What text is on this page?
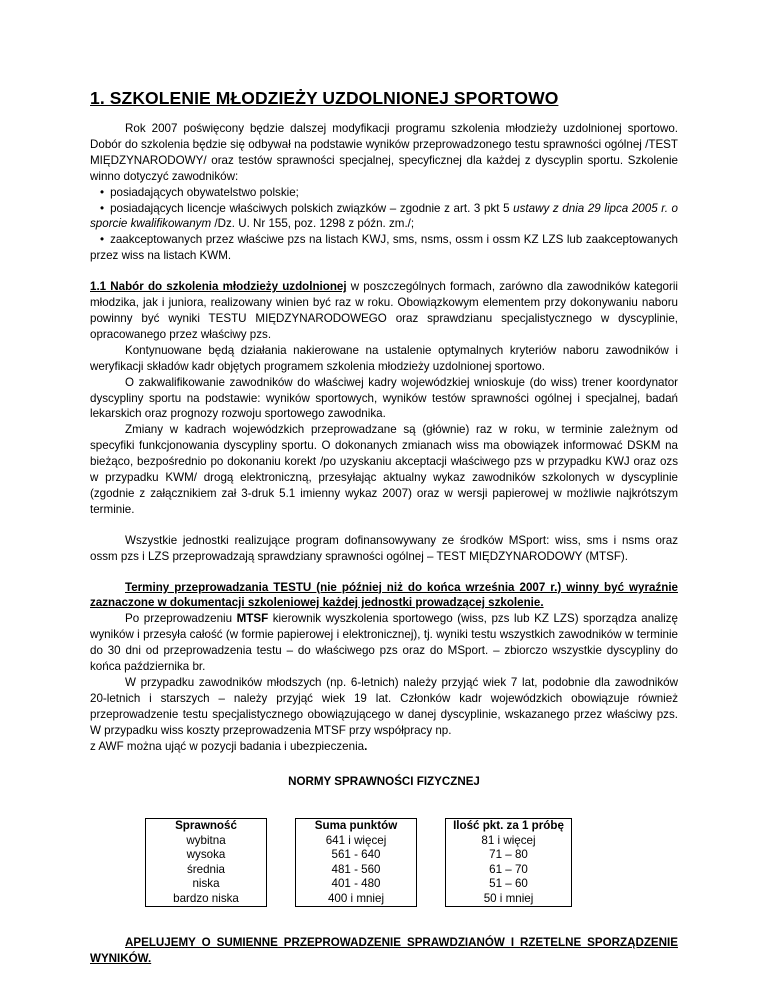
1. SZKOLENIE MŁODZIEŻY UZDOLNIONEJ SPORTOWO

Rok 2007 poświęcony będzie dalszej modyfikacji programu szkolenia młodzieży uzdolnionej sportowo. Dobór do szkolenia będzie się odbywał na podstawie wyników przeprowadzonego testu sprawności ogólnej /TEST MIĘDZYNARODOWY/ oraz testów sprawności specjalnej, specyficznej dla każdej z dyscyplin sportu. Szkolenie winno dotyczyć zawodników:

• posiadających obywatelstwo polskie;

• posiadających licencje właściwych polskich związków – zgodnie z art. 3 pkt 5 ustawy z dnia 29 lipca 2005 r. o sporcie kwalifikowanym /Dz. U. Nr 155, poz. 1298 z późn. zm./;

• zaakceptowanych przez właściwe pzs na listach KWJ, sms, nsms, ossm i ossm KZ LZS lub zaakceptowanych przez wiss na listach KWM.

1.1 Nabór do szkolenia młodzieży uzdolnionej w poszczególnych formach, zarówno dla zawodników kategorii młodzika, jak i juniora, realizowany winien być raz w roku. Obowiązkowym elementem przy dokonywaniu naboru powinny być wyniki TESTU MIĘDZYNARODOWEGO oraz sprawdzianu specjalistycznego w dyscyplinie, opracowanego przez właściwy pzs.

Kontynuowane będą działania nakierowane na ustalenie optymalnych kryteriów naboru zawodników i weryfikacji składów kadr objętych programem szkolenia młodzieży uzdolnionej sportowo.

O zakwalifikowanie zawodników do właściwej kadry wojewódzkiej wnioskuje (do wiss) trener koordynator dyscypliny sportu na podstawie: wyników sportowych, wyników testów sprawności ogólnej i specjalnej, badań lekarskich oraz prognozy rozwoju sportowego zawodnika.

Zmiany w kadrach wojewódzkich przeprowadzane są (głównie) raz w roku, w terminie zależnym od specyfiki funkcjonowania dyscypliny sportu. O dokonanych zmianach wiss ma obowiązek informować DSKM na bieżąco, bezpośrednio po dokonaniu korekt /po uzyskaniu akceptacji właściwego pzs w przypadku KWJ oraz ozs w przypadku KWM/ drogą elektroniczną, przesyłając aktualny wykaz zawodników szkolonych w dyscyplinie (zgodnie z załącznikiem zał 3-druk 5.1 imienny wykaz 2007) oraz w wersji papierowej w możliwie najkrótszym terminie.

Wszystkie jednostki realizujące program dofinansowywany ze środków MSport: wiss, sms i nsms oraz ossm pzs i LZS przeprowadzają sprawdziany sprawności ogólnej – TEST MIĘDZYNARODOWY (MTSF).

Terminy przeprowadzania TESTU (nie później niż do końca września 2007 r.) winny być wyraźnie zaznaczone w dokumentacji szkoleniowej każdej jednostki prowadzącej szkolenie.

Po przeprowadzeniu MTSF kierownik wyszkolenia sportowego (wiss, pzs lub KZ LZS) sporządza analizę wyników i przesyła całość (w formie papierowej i elektronicznej), tj. wyniki testu wszystkich zawodników w terminie do 30 dni od przeprowadzenia testu – do właściwego pzs oraz do MSport. – zbiorczo wszystkie dyscypliny do końca października br.

W przypadku zawodników młodszych (np. 6-letnich) należy przyjąć wiek 7 lat, podobnie dla zawodników 20-letnich i starszych – należy przyjąć wiek 19 lat. Członków kadr wojewódzkich obowiązuje również przeprowadzenie testu specjalistycznego obowiązującego w danej dyscyplinie, wskazanego przez właściwy pzs. W przypadku wiss koszty przeprowadzenia MTSF przy współpracy np.

z AWF można ująć w pozycji badania i ubezpieczenia.

NORMY SPRAWNOŚCI FIZYCZNEJ

Sprawność		Suma punktów		Ilość pkt. za 1 próbę
wybitna		641 i więcej		81 i więcej
wysoka		561 - 640		71 – 80
średnia		481 - 560		61 – 70
niska		401 - 480		51 – 60
bardzo niska		400 i mniej		50 i mniej

APELUJEMY O SUMIENNE PRZEPROWADZENIE SPRAWDZIANÓW I RZETELNE SPORZĄDZENIE WYNIKÓW.
